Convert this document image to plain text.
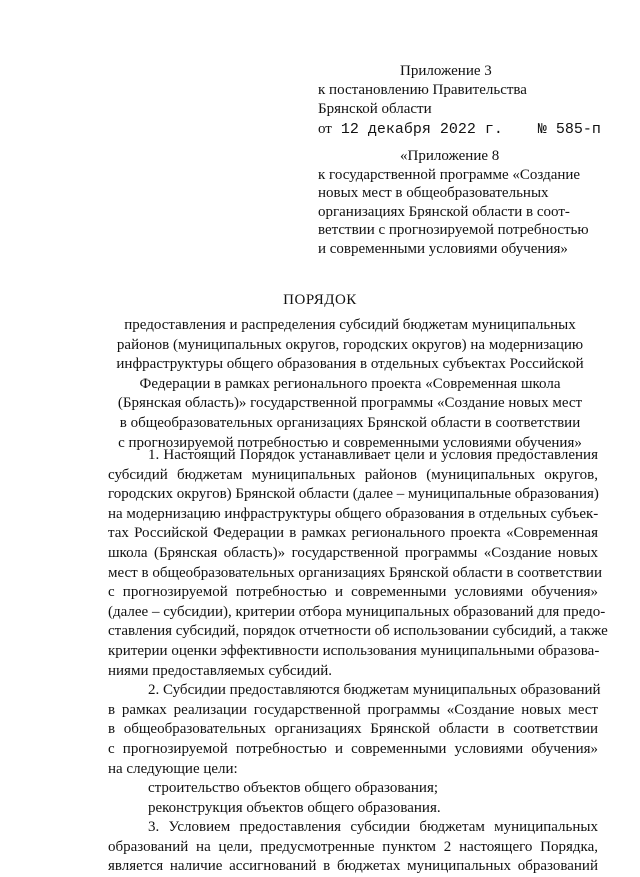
Приложение 3
к постановлению Правительства
Брянской области
от 12 декабря 2022 г. № 585-п
«Приложение 8
к государственной программе «Создание
новых мест в общеобразовательных
организациях Брянской области в соот-
ветствии с прогнозируемой потребностью
и современными условиями обучения»
ПОРЯДОК
предоставления и распределения субсидий бюджетам муниципальных
районов (муниципальных округов, городских округов) на модернизацию
инфраструктуры общего образования в отдельных субъектах Российской
Федерации в рамках регионального проекта «Современная школа
(Брянская область)» государственной программы «Создание новых мест
в общеобразовательных организациях Брянской области в соответствии
с прогнозируемой потребностью и современными условиями обучения»
1. Настоящий Порядок устанавливает цели и условия предоставления
субсидий бюджетам муниципальных районов (муниципальных округов,
городских округов) Брянской области (далее – муниципальные образования)
на модернизацию инфраструктуры общего образования в отдельных субъек-
тах Российской Федерации в рамках регионального проекта «Современная
школа (Брянская область)» государственной программы «Создание новых
мест в общеобразовательных организациях Брянской области в соответствии
с прогнозируемой потребностью и современными условиями обучения»
(далее – субсидии), критерии отбора муниципальных образований для предо-
ставления субсидий, порядок отчетности об использовании субсидий, а также
критерии оценки эффективности использования муниципальными образова-
ниями предоставляемых субсидий.
2. Субсидии предоставляются бюджетам муниципальных образований
в рамках реализации государственной программы «Создание новых мест
в общеобразовательных организациях Брянской области в соответствии
с прогнозируемой потребностью и современными условиями обучения»
на следующие цели:
строительство объектов общего образования;
реконструкция объектов общего образования.
3. Условием предоставления субсидии бюджетам муниципальных
образований на цели, предусмотренные пунктом 2 настоящего Порядка,
является наличие ассигнований в бюджетах муниципальных образований
